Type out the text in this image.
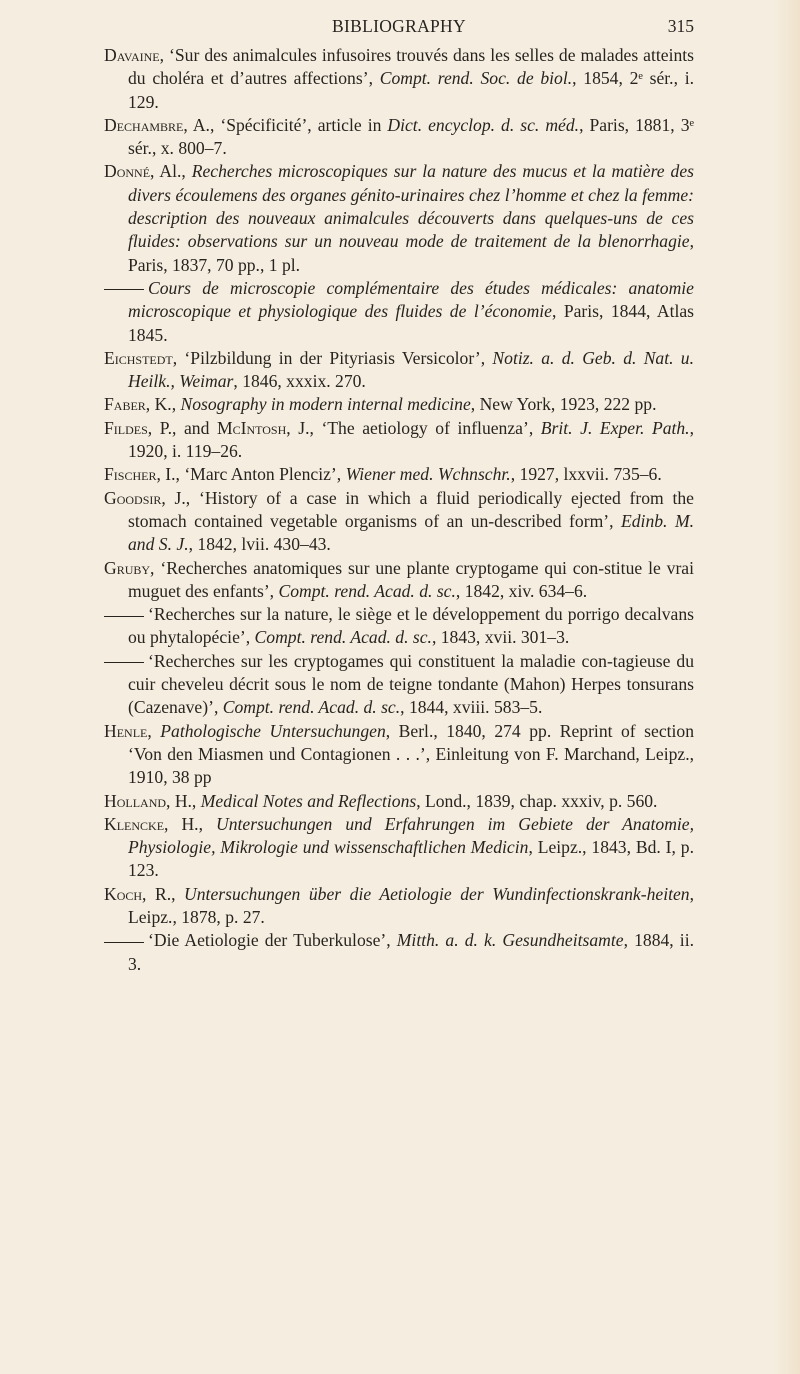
BIBLIOGRAPHY	315

Davaine, ‘Sur des animalcules infusoires trouvés dans les selles de malades atteints du choléra et d’autres affections’, Compt. rend. Soc. de biol., 1854, 2ᵉ sér., i. 129.

Dechambre, A., ‘Spécificité’, article in Dict. encyclop. d. sc. méd., Paris, 1881, 3ᵉ sér., x. 800–7.

Donné, Al., Recherches microscopiques sur la nature des mucus et la matière des divers écoulemens des organes génito-urinaires chez l’homme et chez la femme: description des nouveaux animalcules découverts dans quelques-uns de ces fluides: observations sur un nouveau mode de traitement de la blenorrhagie, Paris, 1837, 70 pp., 1 pl.

Cours de microscopie complémentaire des études médicales: anatomie microscopique et physiologique des fluides de l’économie, Paris, 1844, Atlas 1845.

Eichstedt, ‘Pilzbildung in der Pityriasis Versicolor’, Notiz. a. d. Geb. d. Nat. u. Heilk., Weimar, 1846, xxxix. 270.

Faber, K., Nosography in modern internal medicine, New York, 1923, 222 pp.

Fildes, P., and McIntosh, J., ‘The aetiology of influenza’, Brit. J. Exper. Path., 1920, i. 119–26.

Fischer, I., ‘Marc Anton Plenciz’, Wiener med. Wchnschr., 1927, lxxvii. 735–6.

Goodsir, J., ‘History of a case in which a fluid periodically ejected from the stomach contained vegetable organisms of an un-described form’, Edinb. M. and S. J., 1842, lvii. 430–43.

Gruby, ‘Recherches anatomiques sur une plante cryptogame qui con-stitue le vrai muguet des enfants’, Compt. rend. Acad. d. sc., 1842, xiv. 634–6.

‘Recherches sur la nature, le siège et le développement du porrigo decalvans ou phytalopécie’, Compt. rend. Acad. d. sc., 1843, xvii. 301–3.

‘Recherches sur les cryptogames qui constituent la maladie con-tagieuse du cuir cheveleu décrit sous le nom de teigne tondante (Mahon) Herpes tonsurans (Cazenave)’, Compt. rend. Acad. d. sc., 1844, xviii. 583–5.

Henle, Pathologische Untersuchungen, Berl., 1840, 274 pp. Reprint of section ‘Von den Miasmen und Contagionen . . .’, Einleitung von F. Marchand, Leipz., 1910, 38 pp

Holland, H., Medical Notes and Reflections, Lond., 1839, chap. xxxiv, p. 560.

Klencke, H., Untersuchungen und Erfahrungen im Gebiete der Anatomie, Physiologie, Mikrologie und wissenschaftlichen Medicin, Leipz., 1843, Bd. I, p. 123.

Koch, R., Untersuchungen über die Aetiologie der Wundinfectionskrank-heiten, Leipz., 1878, p. 27.

‘Die Aetiologie der Tuberkulose’, Mitth. a. d. k. Gesundheitsamte, 1884, ii. 3.
